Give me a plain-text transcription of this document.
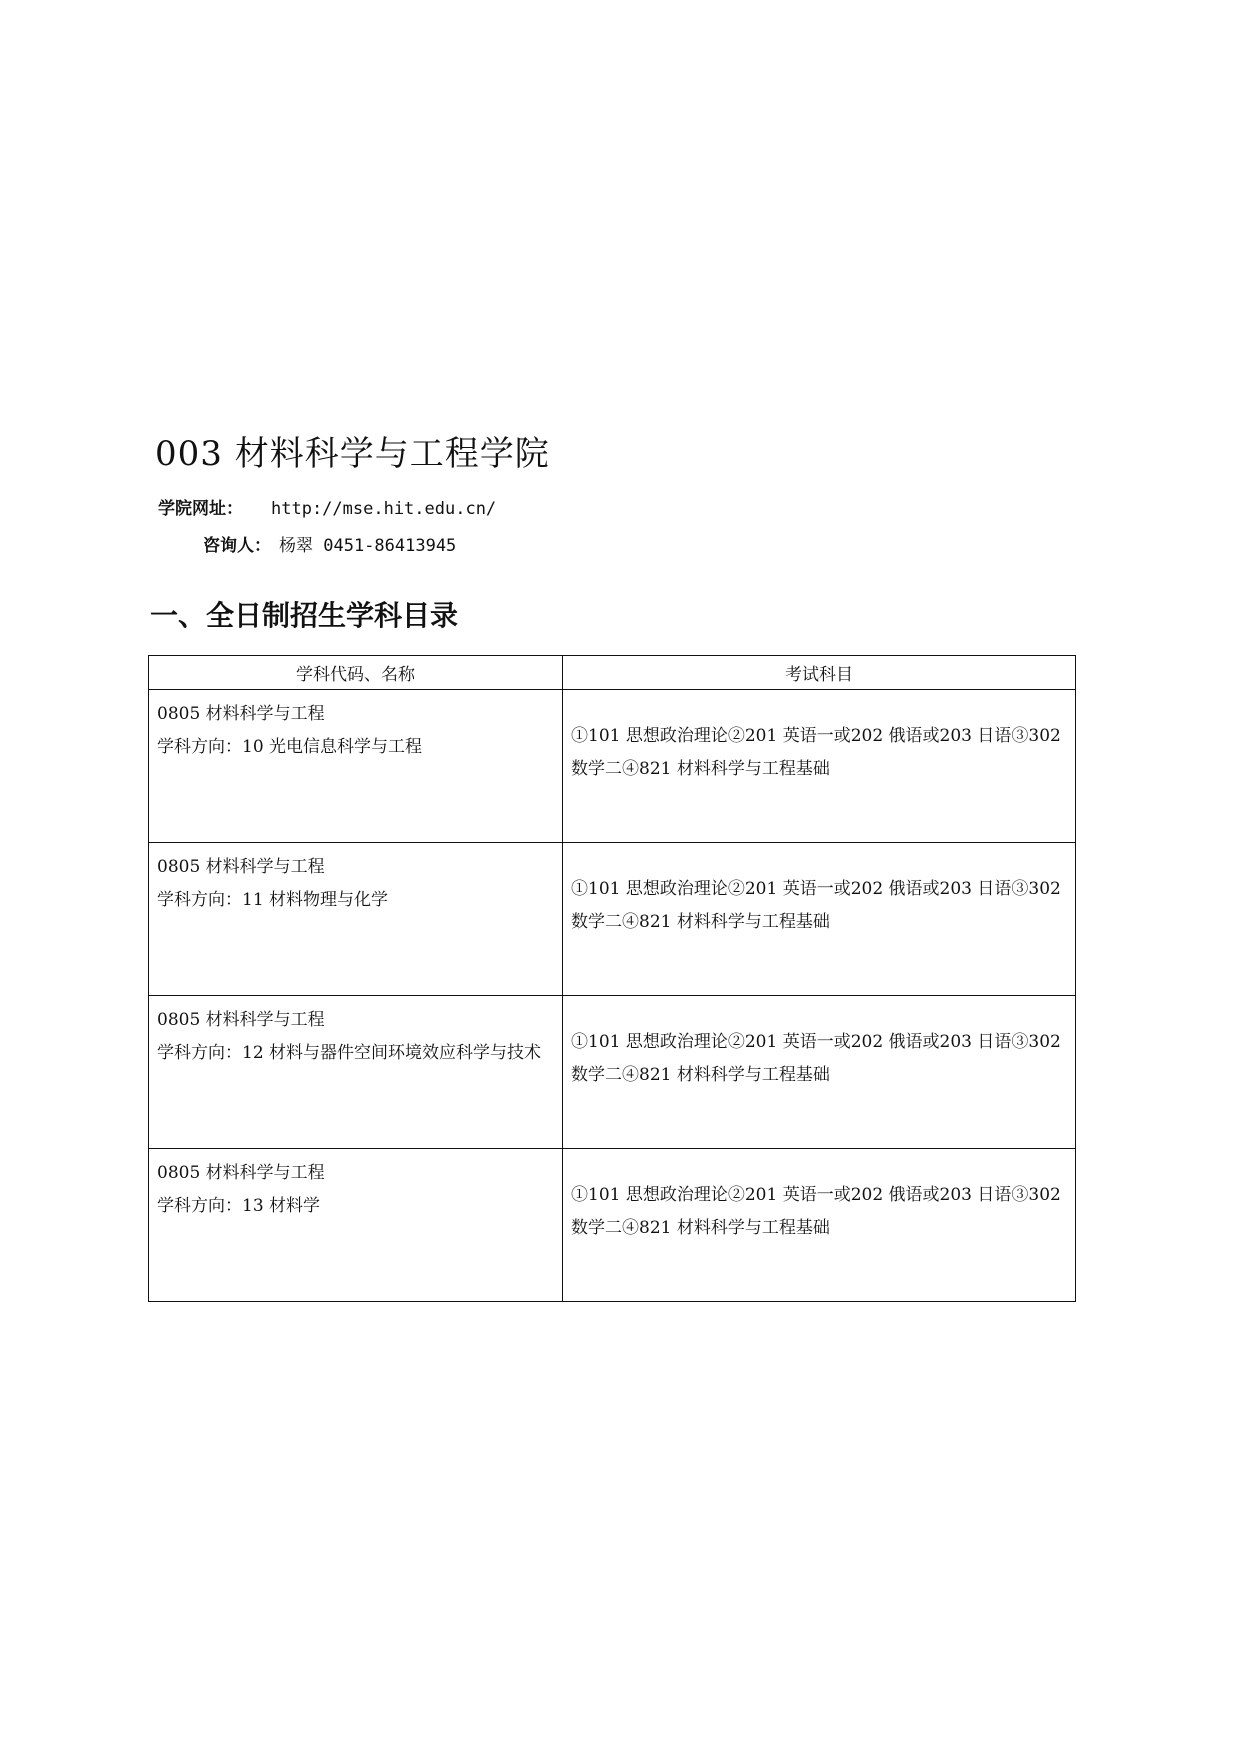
003 材料科学与工程学院
学院网址： http://mse.hit.edu.cn/
咨询人： 杨翠 0451-86413945
一、全日制招生学科目录
学科代码、名称	考试科目

0805 材料科学与工程
学科方向：10 光电信息科学与工程	①101 思想政治理论②201 英语一或202 俄语或203 日语③302 数学二④821 材料科学与工程基础

0805 材料科学与工程
学科方向：11 材料物理与化学	①101 思想政治理论②201 英语一或202 俄语或203 日语③302 数学二④821 材料科学与工程基础

0805 材料科学与工程
学科方向：12 材料与器件空间环境效应科学与技术	①101 思想政治理论②201 英语一或202 俄语或203 日语③302 数学二④821 材料科学与工程基础

0805 材料科学与工程
学科方向：13 材料学	①101 思想政治理论②201 英语一或202 俄语或203 日语③302 数学二④821 材料科学与工程基础
